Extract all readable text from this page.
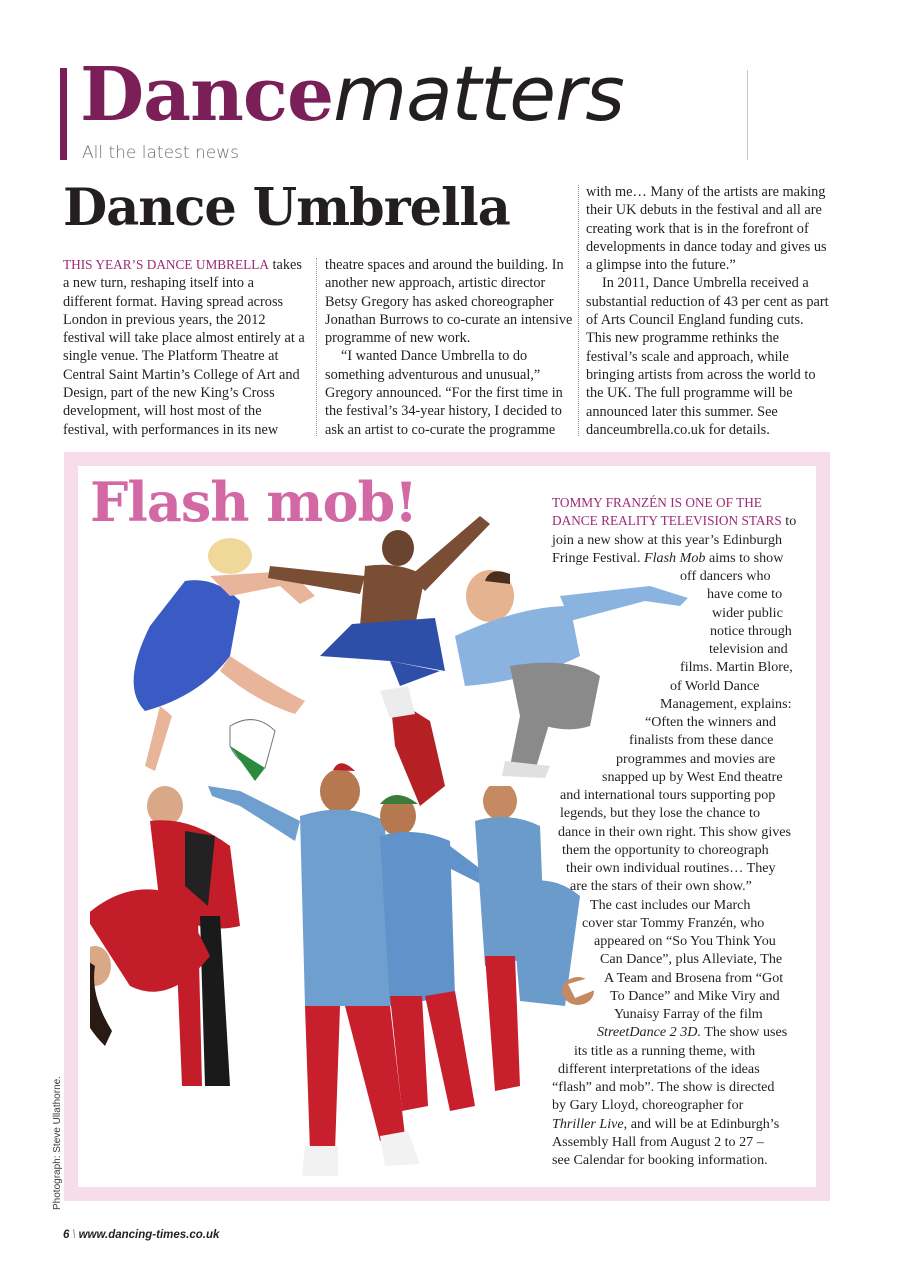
Dancematters
All the latest news
Dance Umbrella

THIS YEAR’S DANCE UMBRELLA takes a new turn, reshaping itself into a different format. Having spread across London in previous years, the 2012 festival will take place almost entirely at a single venue. The Platform Theatre at Central Saint Martin’s College of Art and Design, part of the new King’s Cross development, will host most of the festival, with performances in its new

theatre spaces and around the building. In another new approach, artistic director Betsy Gregory has asked choreographer Jonathan Burrows to co-curate an intensive programme of new work.

“I wanted Dance Umbrella to do something adventurous and unusual,” Gregory announced. “For the first time in the festival’s 34-year history, I decided to ask an artist to co-curate the programme

with me… Many of the artists are making their UK debuts in the festival and all are creating work that is in the forefront of developments in dance today and gives us a glimpse into the future.”

In 2011, Dance Umbrella received a substantial reduction of 43 per cent as part of Arts Council England funding cuts. This new programme rethinks the festival’s scale and approach, while bringing artists from across the world to the UK. The full programme will be announced later this summer. See danceumbrella.co.uk for details.

Flash mob!	TOMMY FRANZÉN IS ONE OF THE
DANCE REALITY TELEVISION STARS to
join a new show at this year’s Edinburgh
Fringe Festival. Flash Mob aims to show
off dancers who
have come to
wider public
notice through
television and
films. Martin Blore,
of World Dance
Management, explains:
“Often the winners and
finalists from these dance
programmes and movies are
snapped up by West End theatre
and international tours supporting pop
legends, but they lose the chance to
dance in their own right. This show gives
them the opportunity to choreograph
their own individual routines… They
are the stars of their own show.”
The cast includes our March
cover star Tommy Franzén, who
appeared on “So You Think You
Can Dance”, plus Alleviate, The
A Team and Brosena from “Got
To Dance” and Mike Viry and
Yunaisy Farray of the film
StreetDance 2 3D. The show uses
its title as a running theme, with
different interpretations of the ideas
“flash” and mob”. The show is directed
by Gary Lloyd, choreographer for
Thriller Live, and will be at Edinburgh’s
Assembly Hall from August 2 to 27 –
see Calendar for booking information.
Photograph: Steve Ullathorne.
6 \ www.dancing-times.co.uk
